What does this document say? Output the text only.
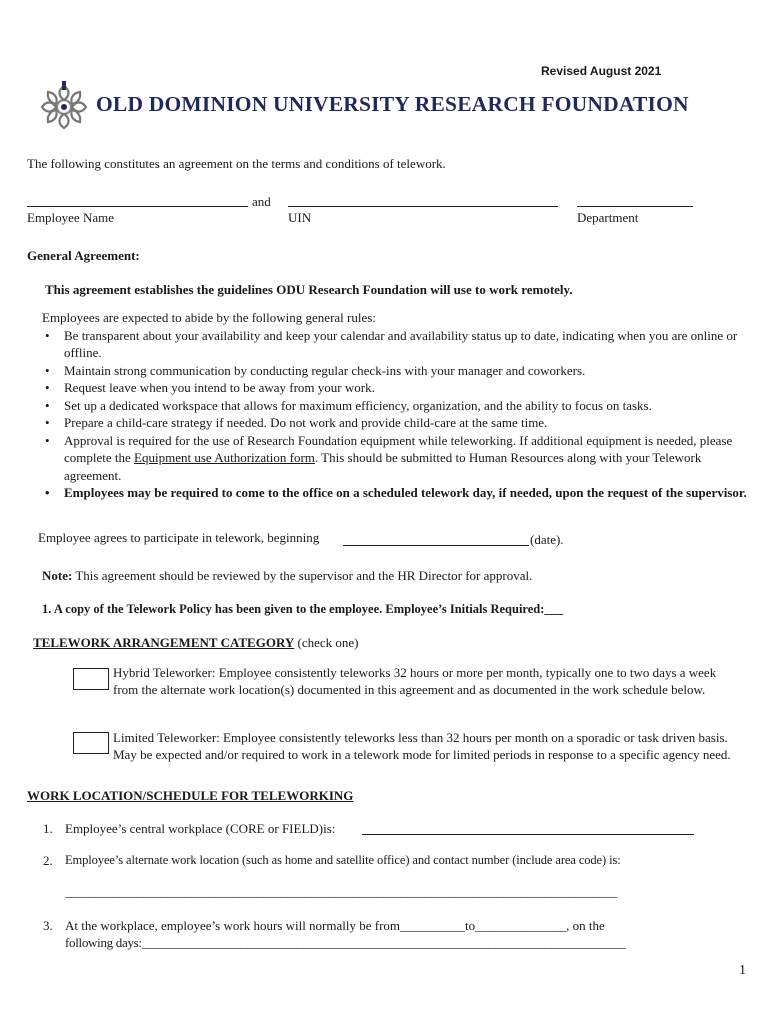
Revised August 2021
OLD DOMINION UNIVERSITY RESEARCH FOUNDATION
The following constitutes an agreement on the terms and conditions of telework.
and
Employee Name	UIN	Department
General Agreement:
This agreement establishes the guidelines ODU Research Foundation will use to work remotely.
Employees are expected to abide by the following general rules:
• Be transparent about your availability and keep your calendar and availability status up to date, indicating when you are online or offline.
• Maintain strong communication by conducting regular check-ins with your manager and coworkers.
• Request leave when you intend to be away from your work.
• Set up a dedicated workspace that allows for maximum efficiency, organization, and the ability to focus on tasks.
• Prepare a child-care strategy if needed. Do not work and provide child-care at the same time.
• Approval is required for the use of Research Foundation equipment while teleworking. If additional equipment is needed, please complete the Equipment use Authorization form. This should be submitted to Human Resources along with your Telework agreement.
• Employees may be required to come to the office on a scheduled telework day, if needed, upon the request of the supervisor.
Employee agrees to participate in telework, beginning	(date).
Note: This agreement should be reviewed by the supervisor and the HR Director for approval.
1. A copy of the Telework Policy has been given to the employee. Employee’s Initials Required:___
TELEWORK ARRANGEMENT CATEGORY (check one)
Hybrid Teleworker: Employee consistently teleworks 32 hours or more per month, typically one to two days a week from the alternate work location(s) documented in this agreement and as documented in the work schedule below.
Limited Teleworker: Employee consistently teleworks less than 32 hours per month on a sporadic or task driven basis. May be expected and/or required to work in a telework mode for limited periods in response to a specific agency need.
WORK LOCATION/SCHEDULE FOR TELEWORKING
1. Employee’s central workplace (CORE or FIELD)is:
2. Employee’s alternate work location (such as home and satellite office) and contact number (include area code) is:
____________________________________________________________________________________________
3. At the workplace, employee’s work hours will normally be from__________to______________, on the
following days:______________________________________________________________________________
1
